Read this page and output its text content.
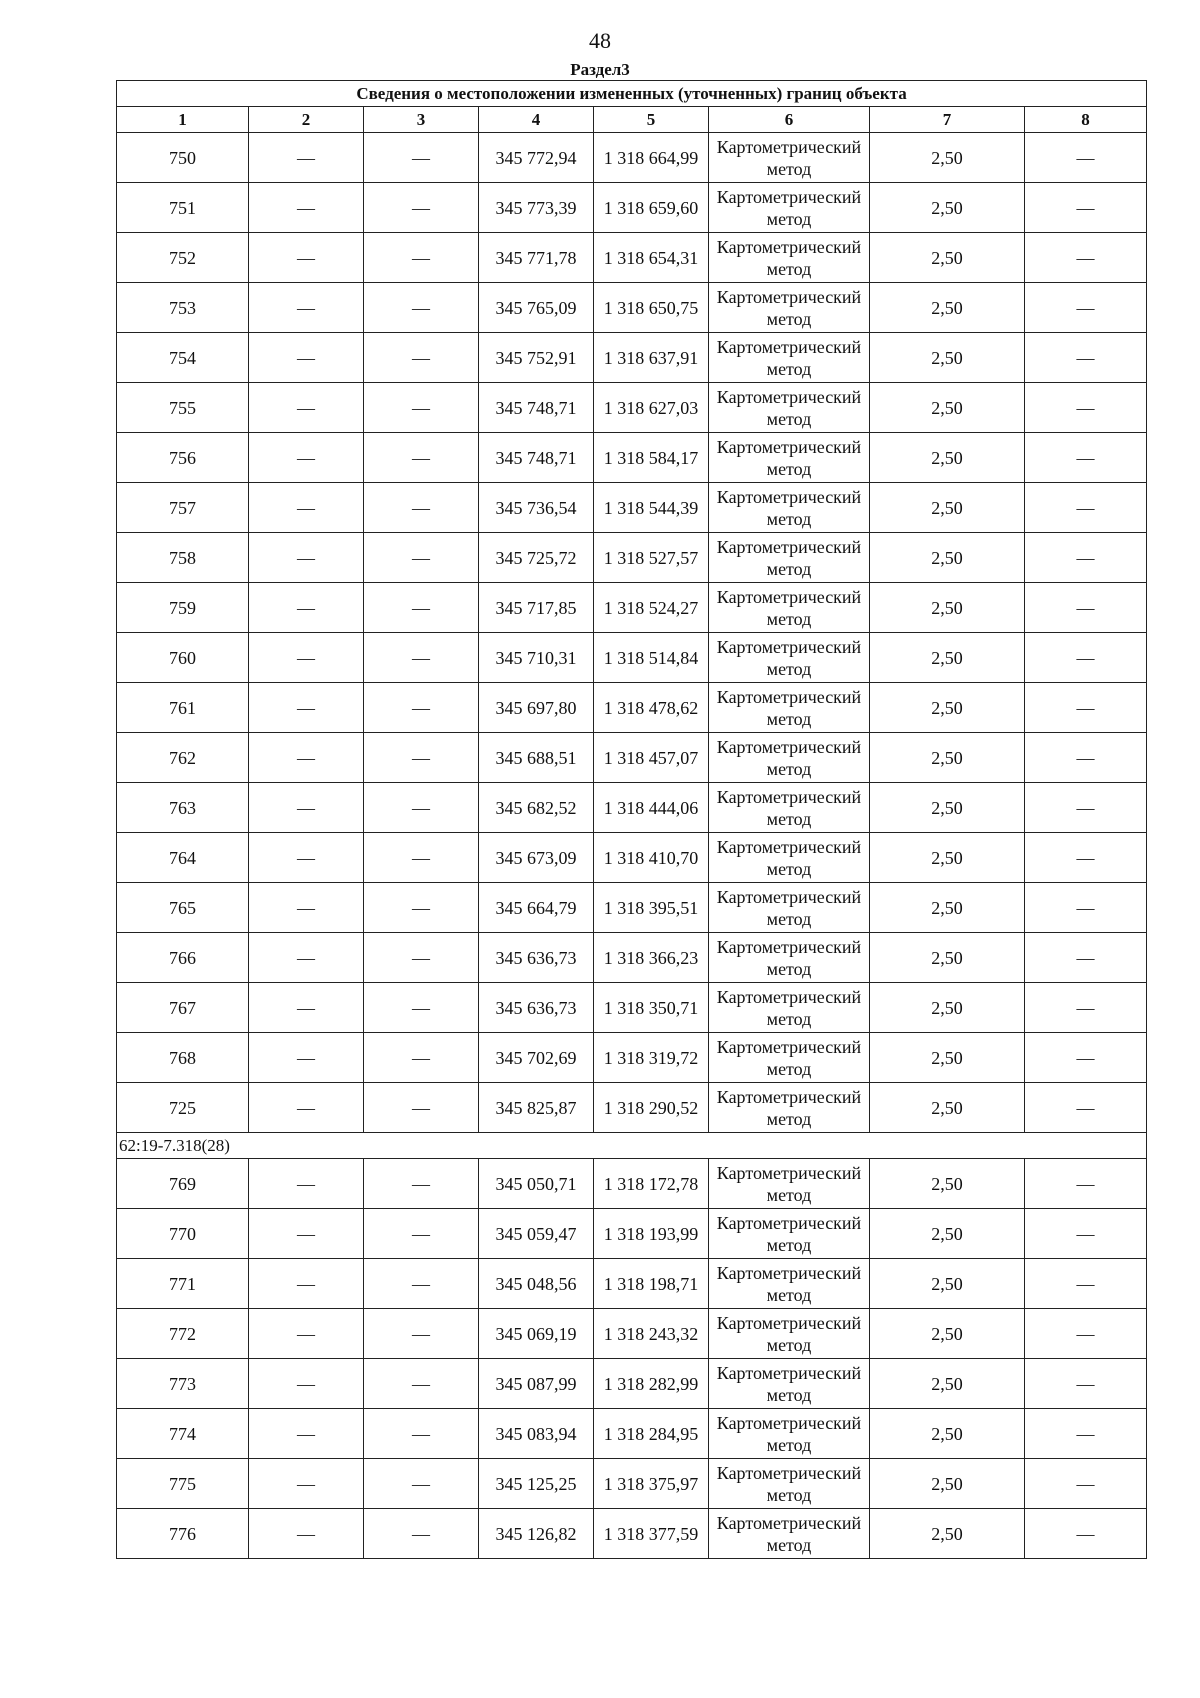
48
Раздел3
Сведения о местоположении измененных (уточненных) границ объекта							
1	2	3	4	5	6	7	8
750	—	—	345 772,94	1 318 664,99	Картометрический метод	2,50	—
751	—	—	345 773,39	1 318 659,60	Картометрический метод	2,50	—
752	—	—	345 771,78	1 318 654,31	Картометрический метод	2,50	—
753	—	—	345 765,09	1 318 650,75	Картометрический метод	2,50	—
754	—	—	345 752,91	1 318 637,91	Картометрический метод	2,50	—
755	—	—	345 748,71	1 318 627,03	Картометрический метод	2,50	—
756	—	—	345 748,71	1 318 584,17	Картометрический метод	2,50	—
757	—	—	345 736,54	1 318 544,39	Картометрический метод	2,50	—
758	—	—	345 725,72	1 318 527,57	Картометрический метод	2,50	—
759	—	—	345 717,85	1 318 524,27	Картометрический метод	2,50	—
760	—	—	345 710,31	1 318 514,84	Картометрический метод	2,50	—
761	—	—	345 697,80	1 318 478,62	Картометрический метод	2,50	—
762	—	—	345 688,51	1 318 457,07	Картометрический метод	2,50	—
763	—	—	345 682,52	1 318 444,06	Картометрический метод	2,50	—
764	—	—	345 673,09	1 318 410,70	Картометрический метод	2,50	—
765	—	—	345 664,79	1 318 395,51	Картометрический метод	2,50	—
766	—	—	345 636,73	1 318 366,23	Картометрический метод	2,50	—
767	—	—	345 636,73	1 318 350,71	Картометрический метод	2,50	—
768	—	—	345 702,69	1 318 319,72	Картометрический метод	2,50	—
725	—	—	345 825,87	1 318 290,52	Картометрический метод	2,50	—
62:19-7.318(28)							
769	—	—	345 050,71	1 318 172,78	Картометрический метод	2,50	—
770	—	—	345 059,47	1 318 193,99	Картометрический метод	2,50	—
771	—	—	345 048,56	1 318 198,71	Картометрический метод	2,50	—
772	—	—	345 069,19	1 318 243,32	Картометрический метод	2,50	—
773	—	—	345 087,99	1 318 282,99	Картометрический метод	2,50	—
774	—	—	345 083,94	1 318 284,95	Картометрический метод	2,50	—
775	—	—	345 125,25	1 318 375,97	Картометрический метод	2,50	—
776	—	—	345 126,82	1 318 377,59	Картометрический метод	2,50	—
